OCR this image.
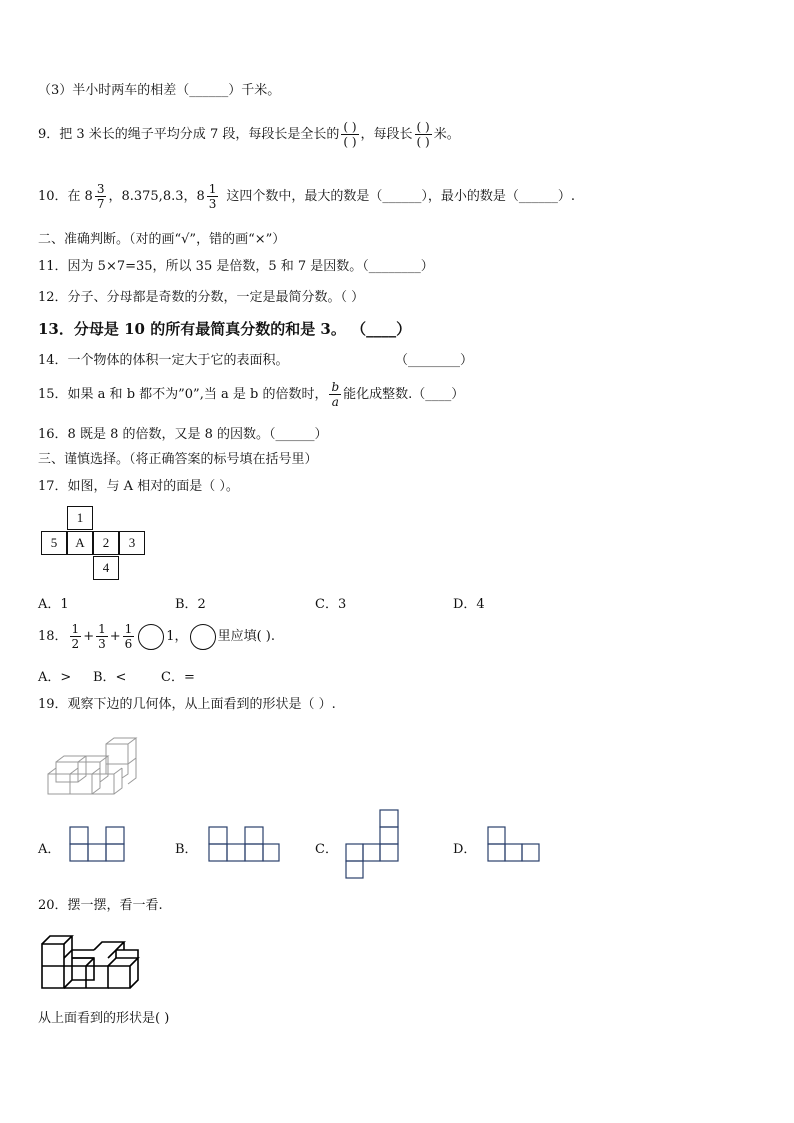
（3）半小时两车的相差（______）千米。
9．把 3 米长的绳子平均分成 7 段，每段长是全长的 $\frac{( )}{( )}$ ，每段长 $\frac{( )}{( )}$ 米。
10．在 $8 \frac{3}{7}$ ，8.375,8.3， $8 \frac{1}{3}$ 这四个数中，最大的数是（______），最小的数是（______）.
二、准确判断。（对的画“√”，错的画“×”）
11．因为 5×7=35，所以 35 是倍数，5 和 7 是因数。（________）
12．分子、分母都是奇数的分数，一定是最简分数。（ ）
13．分母是 10 的所有最简真分数的和是 3。 （____）
14．一个物体的体积一定大于它的表面积。	（________）
15．如果 a 和 b 都不为”0”,当 a 是 b 的倍数时， $\frac{b}{a}$ 能化成整数.（____）
16．8 既是 8 的倍数，又是 8 的因数。（______）
三、谨慎选择。（将正确答案的标号填在括号里）
17．如图，与 A 相对的面是（ ）。
1
5	A	2	3
4
A．1	B．2	C．3	D．4
18． $\frac{1}{2} + \frac{1}{3} + \frac{1}{6} 1$， 里应填( ).
A．> B．<	C．=
19．观察下边的几何体，从上面看到的形状是（ ）.
A．	B．	C．	D．
20．摆一摆，看一看.
从上面看到的形状是( )
